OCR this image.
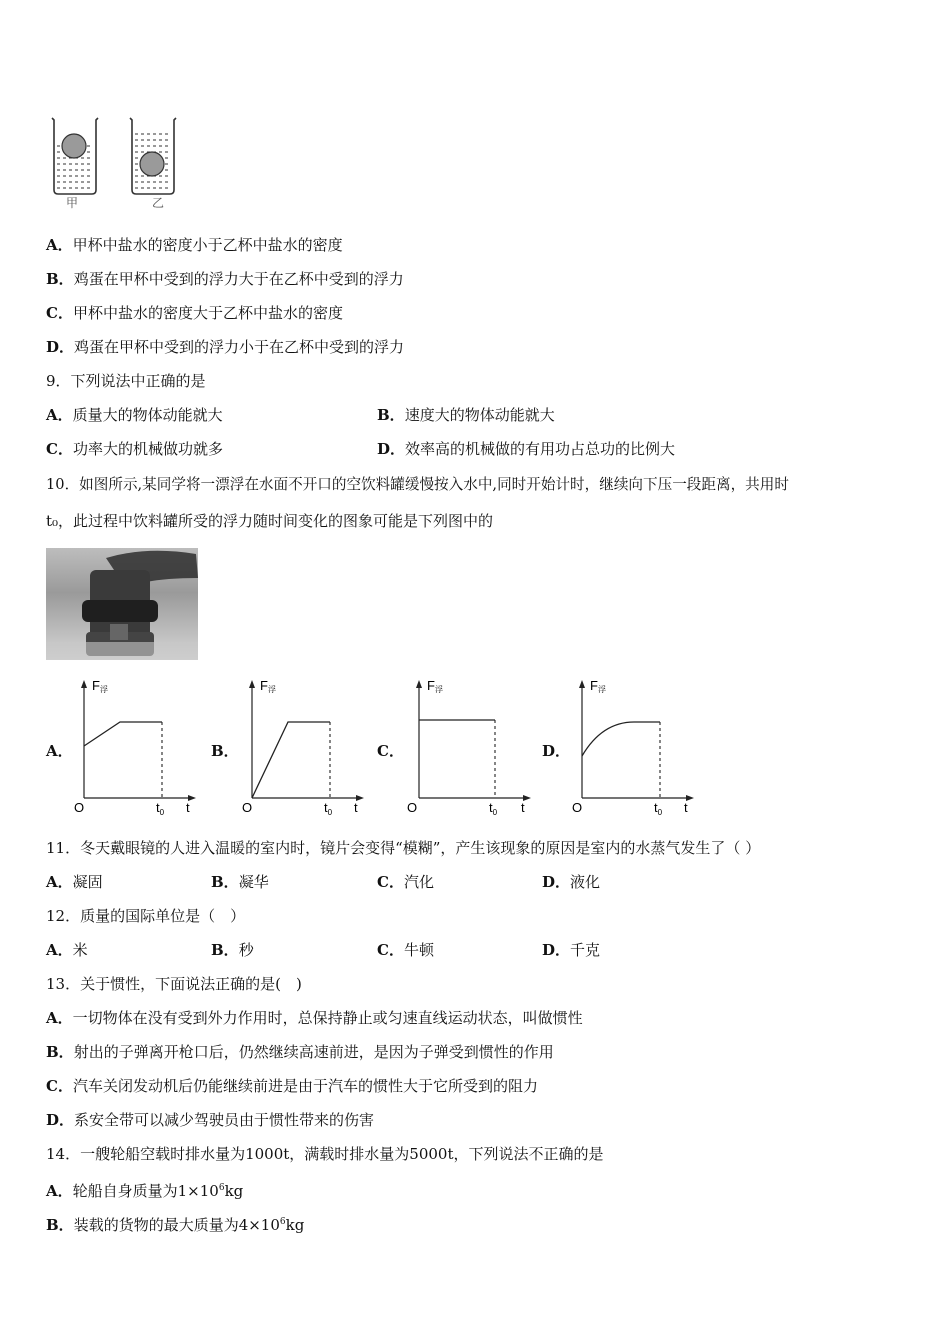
甲	乙
A．甲杯中盐水的密度小于乙杯中盐水的密度
B．鸡蛋在甲杯中受到的浮力大于在乙杯中受到的浮力
C．甲杯中盐水的密度大于乙杯中盐水的密度
D．鸡蛋在甲杯中受到的浮力小于在乙杯中受到的浮力
9．下列说法中正确的是
A．质量大的物体动能就大	B．速度大的物体动能就大
C．功率大的机械做功就多	D．效率高的机械做的有用功占总功的比例大
10．如图所示,某同学将一漂浮在水面不开口的空饮料罐缓慢按入水中,同时开始计时，继续向下压一段距离，共用时
t₀，此过程中饮料罐所受的浮力随时间变化的图象可能是下列图中的
A．
F浮
O	$t_0$ t
B．
F浮
O	$t_0$ t
C．
F浮
O	$t_0$ t
D．
F浮
O	$t_0$ t
11．冬天戴眼镜的人进入温暖的室内时，镜片会变得“模糊”，产生该现象的原因是室内的水蒸气发生了（ ）
A．凝固	B．凝华	C．汽化	D．液化
12．质量的国际单位是（　）
A．米	B．秒	C．牛顿	D．千克
13．关于惯性，下面说法正确的是(　)
A．一切物体在没有受到外力作用时，总保持静止或匀速直线运动状态，叫做惯性
B．射出的子弹离开枪口后，仍然继续高速前进，是因为子弹受到惯性的作用
C．汽车关闭发动机后仍能继续前进是由于汽车的惯性大于它所受到的阻力
D．系安全带可以减少驾驶员由于惯性带来的伤害
14．一艘轮船空载时排水量为1000t，满载时排水量为5000t，下列说法不正确的是
A．轮船自身质量为$1\times 10^6kg$
B．装载的货物的最大质量为$4\times 10^6kg$
